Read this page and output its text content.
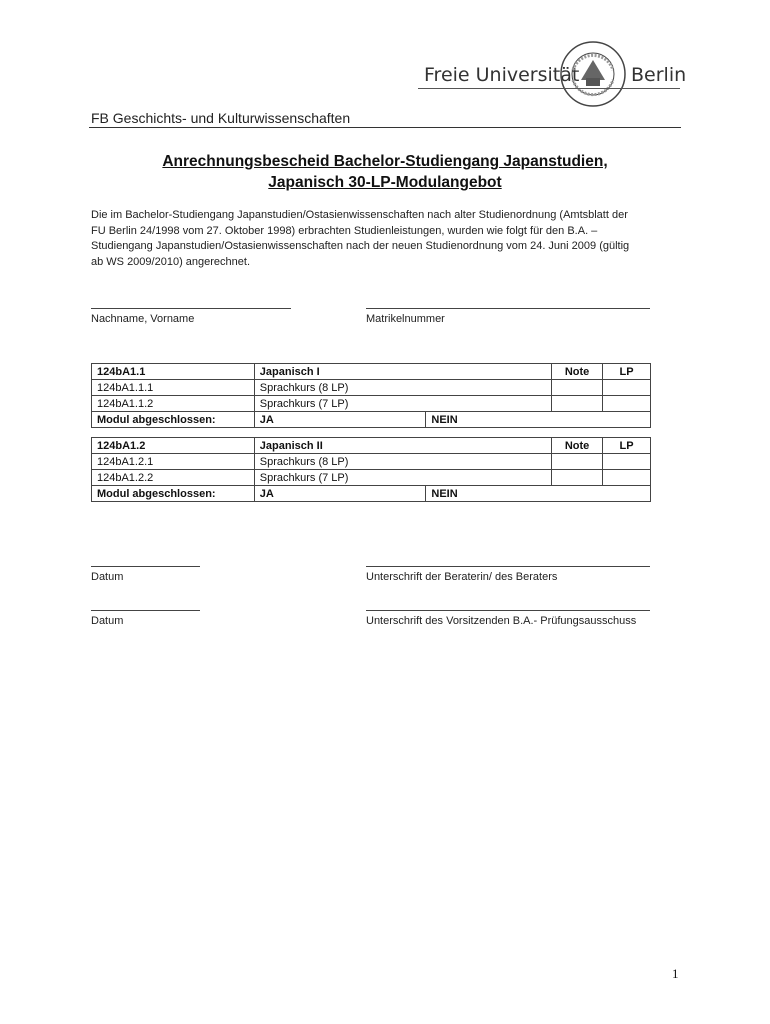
Freie Universität	Berlin
FB Geschichts- und Kulturwissenschaften
Anrechnungsbescheid Bachelor-Studiengang Japanstudien,
Japanisch 30-LP-Modulangebot
Die im Bachelor-Studiengang Japanstudien/Ostasienwissenschaften nach alter Studienordnung (Amtsblatt der
FU Berlin 24/1998 vom 27. Oktober 1998) erbrachten Studienleistungen, wurden wie folgt für den B.A. –
Studiengang Japanstudien/Ostasienwissenschaften nach der neuen Studienordnung vom 24. Juni 2009 (gültig
ab WS 2009/2010) angerechnet.
Nachname, Vorname	Matrikelnummer
124bA1.1	Japanisch I		Note	LP
124bA1.1.1	Sprachkurs (8 LP)			
124bA1.1.2	Sprachkurs (7 LP)			
Modul abgeschlossen:	JA	NEIN		
124bA1.2	Japanisch II		Note	LP
124bA1.2.1	Sprachkurs (8 LP)			
124bA1.2.2	Sprachkurs (7 LP)			
Modul abgeschlossen:	JA	NEIN		
Datum	Unterschrift der Beraterin/ des Beraters
Datum	Unterschrift des Vorsitzenden B.A.- Prüfungsausschuss
1
